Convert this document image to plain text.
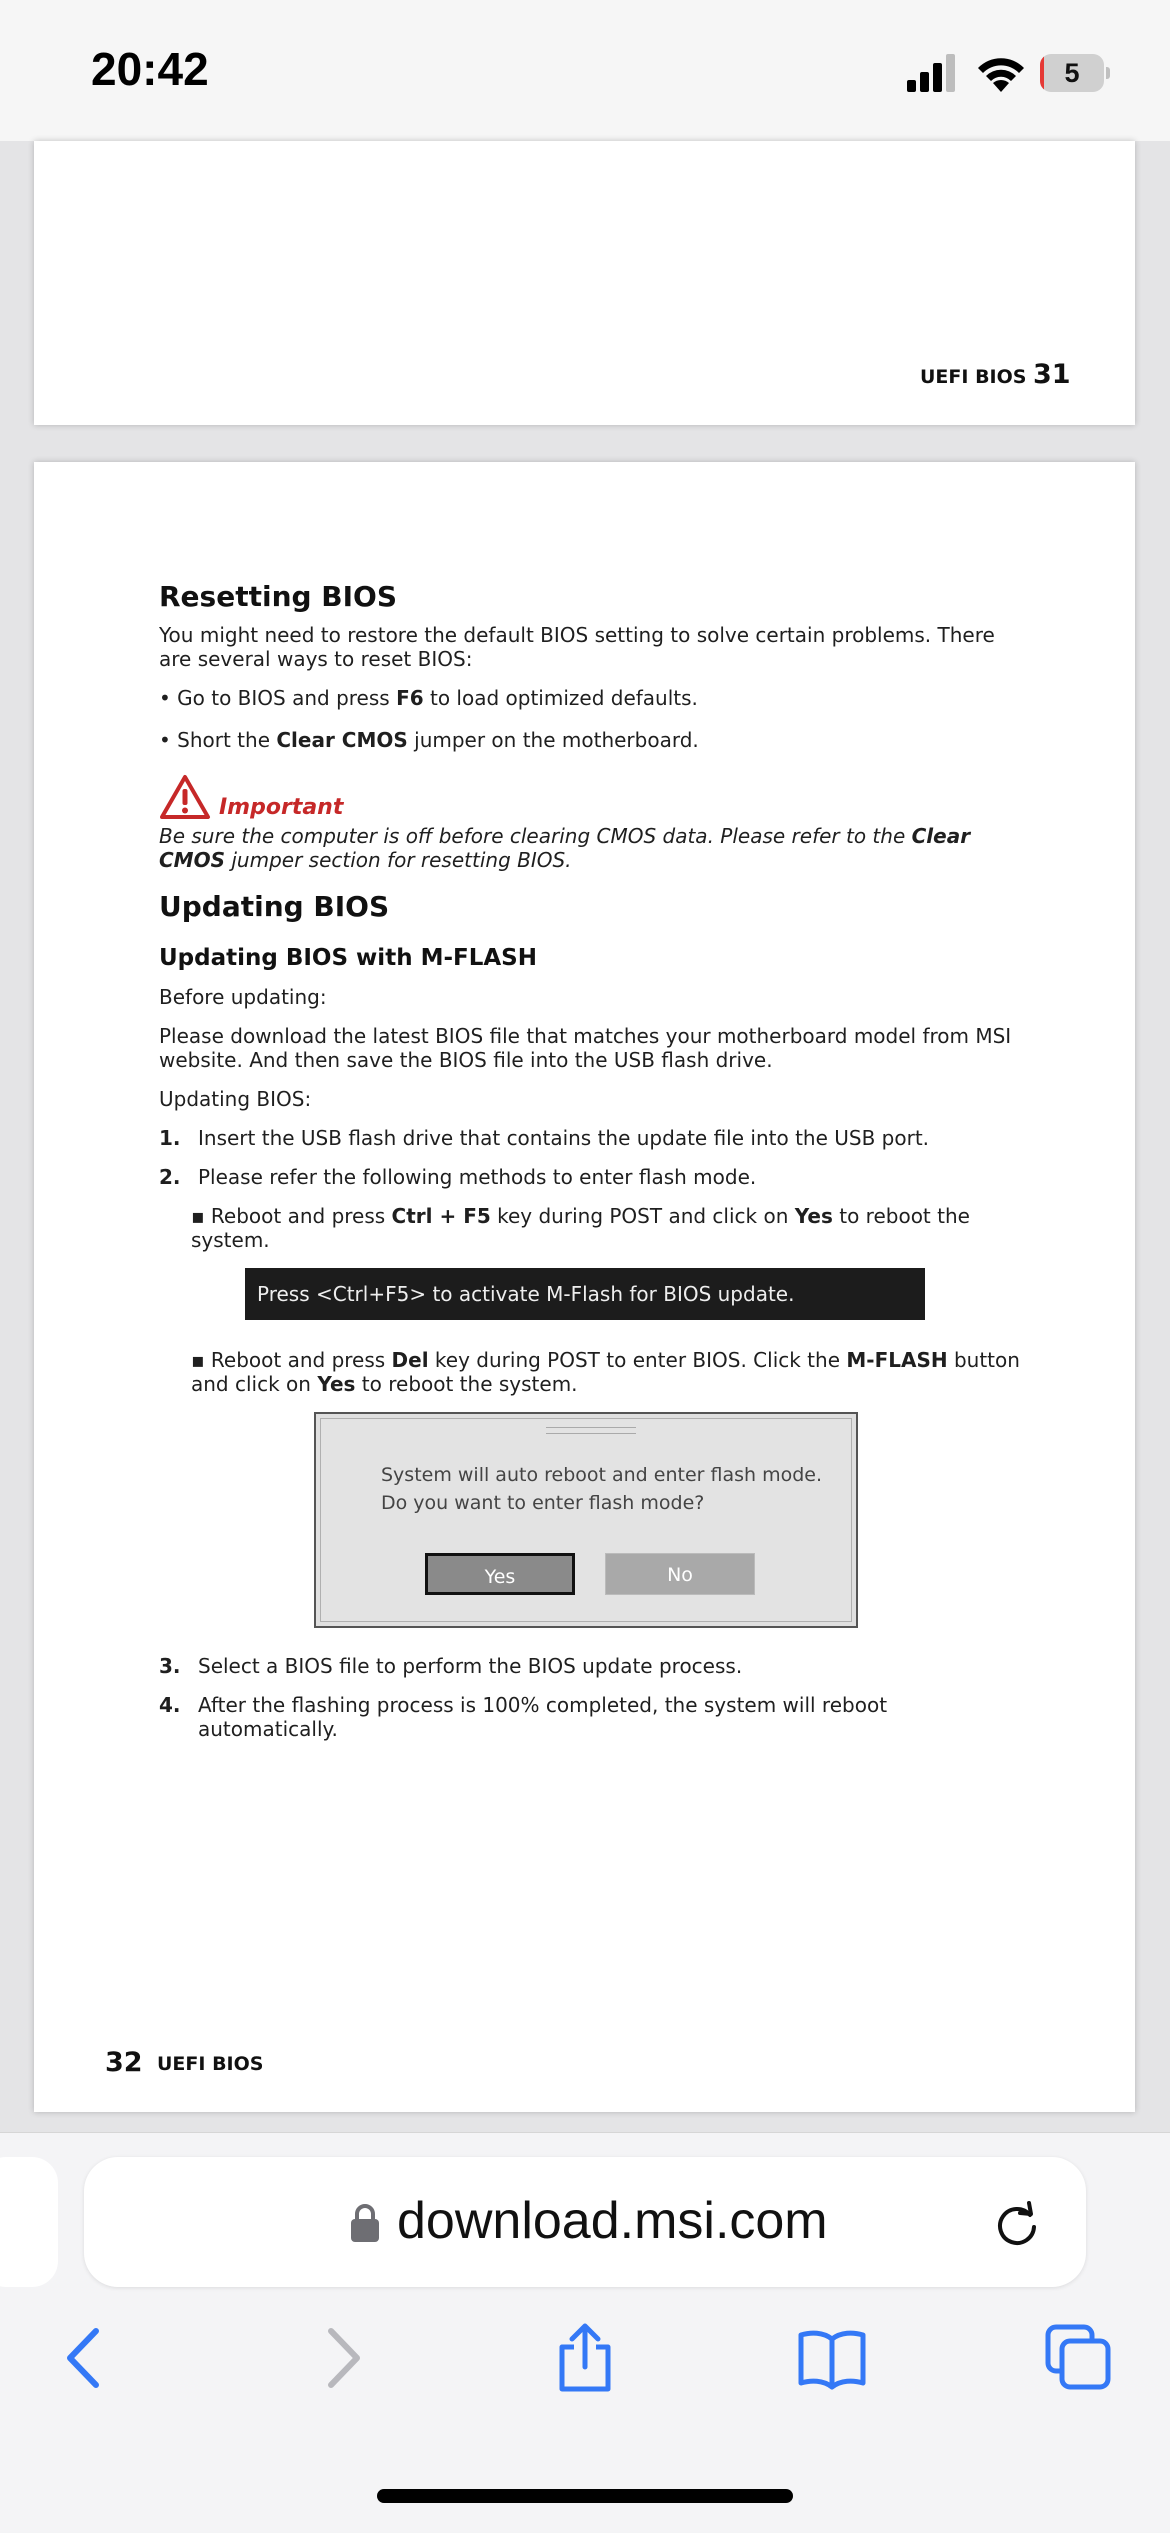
20:42	5
UEFI BIOS 31
Resetting BIOS

You might need to restore the default BIOS setting to solve certain problems. There
are several ways to reset BIOS:

• Go to BIOS and press F6 to load optimized defaults.
• Short the Clear CMOS jumper on the motherboard.
Important
Be sure the computer is off before clearing CMOS data. Please refer to the Clear
CMOS jumper section for resetting BIOS.
Updating BIOS
Updating BIOS with M-FLASH

Before updating:

Please download the latest BIOS file that matches your motherboard model from MSI
website. And then save the BIOS file into the USB flash drive.

Updating BIOS:

1. Insert the USB flash drive that contains the update file into the USB port.
2. Please refer the following methods to enter flash mode.
▪ Reboot and press Ctrl + F5 key during POST and click on Yes to reboot the
system.
Press <Ctrl+F5> to activate M-Flash for BIOS update.
▪ Reboot and press Del key during POST to enter BIOS. Click the M-FLASH button
and click on Yes to reboot the system.
System will auto reboot and enter flash mode.
Do you want to enter flash mode?
Yes	No
3. Select a BIOS file to perform the BIOS update process.
4. After the flashing process is 100% completed, the system will reboot
automatically.
32 UEFI BIOS
download.msi.com
